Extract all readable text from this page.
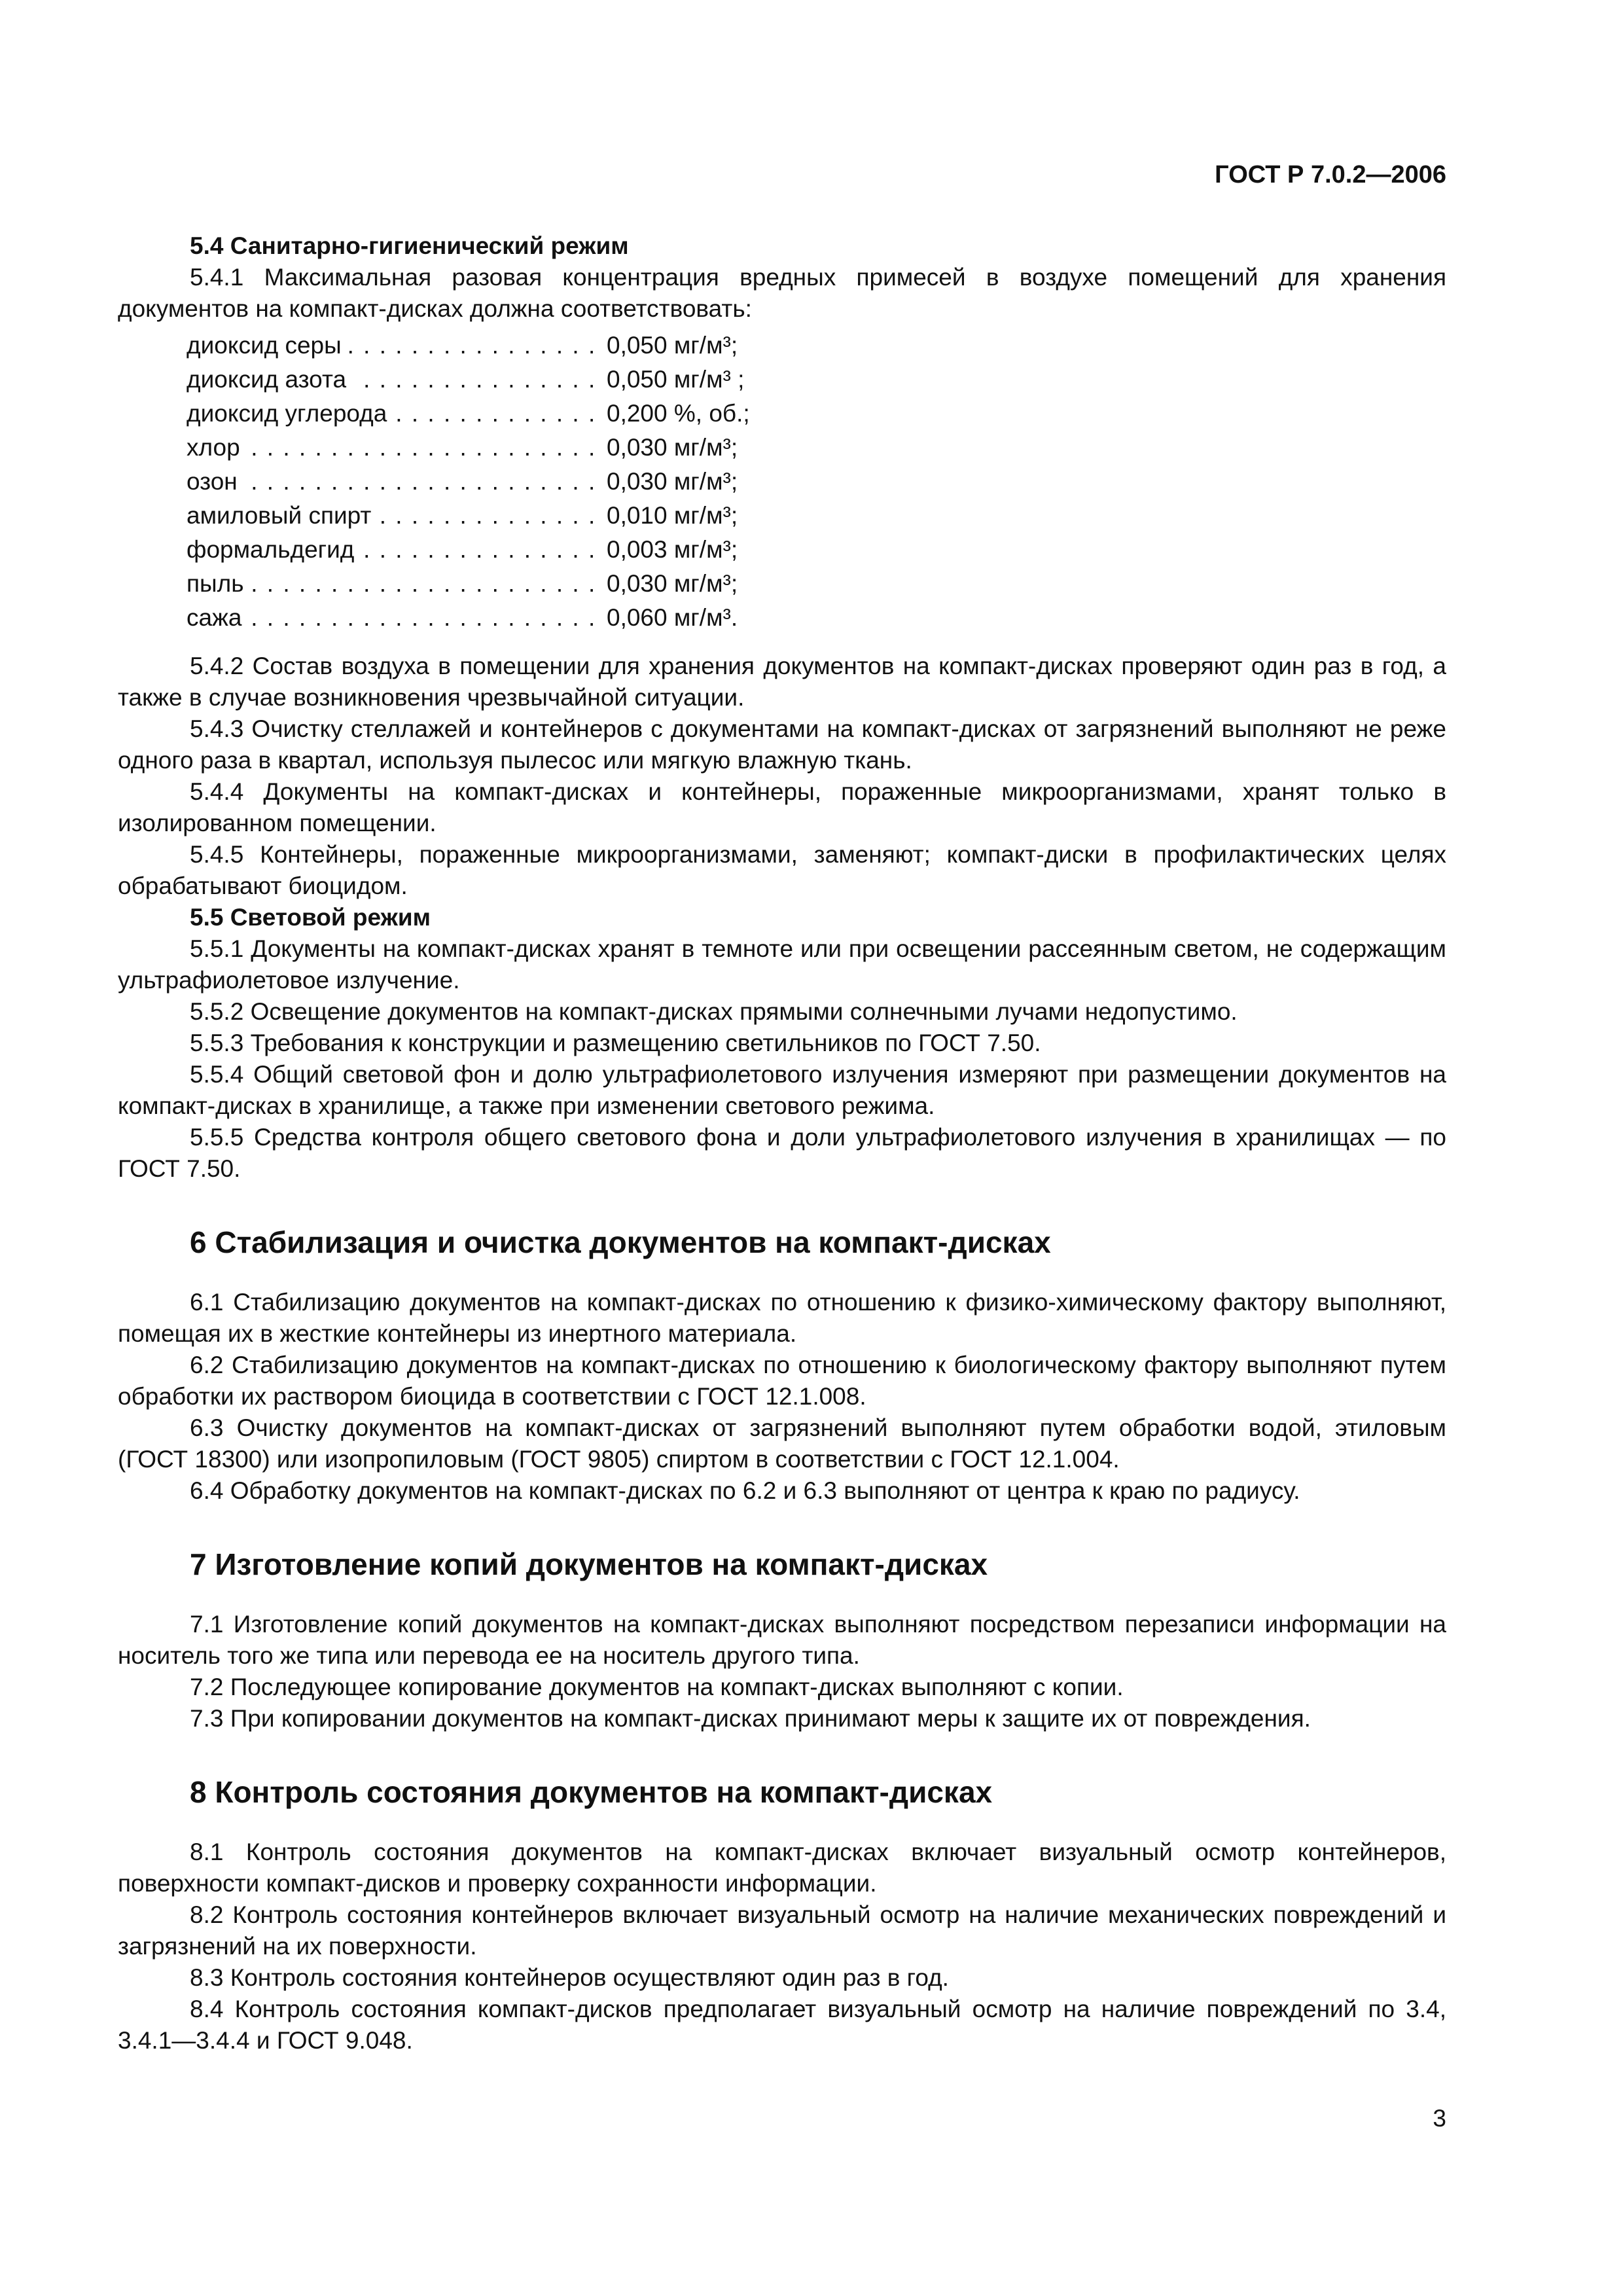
ГОСТ Р 7.0.2—2006

5.4 Санитарно-гигиенический режим

5.4.1 Максимальная разовая концентрация вредных примесей в воздухе помещений для хранения документов на компакт-дисках должна соответствовать:

диоксид серы . . .	0,050 мг/м³;
диоксид азота . . .	0,050 мг/м³ ;
диоксид углерода . . .	0,200 %, об.;
хлор . . .	0,030 мг/м³;
озон . . .	0,030 мг/м³;
амиловый спирт . . .	0,010 мг/м³;
формальдегид . . .	0,003 мг/м³;
пыль . . .	0,030 мг/м³;
сажа . . .	0,060 мг/м³.

5.4.2 Состав воздуха в помещении для хранения документов на компакт-дисках проверяют один раз в год, а также в случае возникновения чрезвычайной ситуации.

5.4.3 Очистку стеллажей и контейнеров с документами на компакт-дисках от загрязнений выполняют не реже одного раза в квартал, используя пылесос или мягкую влажную ткань.

5.4.4 Документы на компакт-дисках и контейнеры, пораженные микроорганизмами, хранят только в изолированном помещении.

5.4.5 Контейнеры, пораженные микроорганизмами, заменяют; компакт-диски в профилактических целях обрабатывают биоцидом.

5.5 Световой режим

5.5.1 Документы на компакт-дисках хранят в темноте или при освещении рассеянным светом, не содержащим ультрафиолетовое излучение.

5.5.2 Освещение документов на компакт-дисках прямыми солнечными лучами недопустимо.

5.5.3 Требования к конструкции и размещению светильников по ГОСТ 7.50.

5.5.4 Общий световой фон и долю ультрафиолетового излучения измеряют при размещении документов на компакт-дисках в хранилище, а также при изменении светового режима.

5.5.5 Средства контроля общего светового фона и доли ультрафиолетового излучения в хранилищах — по ГОСТ 7.50.

6 Стабилизация и очистка документов на компакт-дисках

6.1 Стабилизацию документов на компакт-дисках по отношению к физико-химическому фактору выполняют, помещая их в жесткие контейнеры из инертного материала.

6.2 Стабилизацию документов на компакт-дисках по отношению к биологическому фактору выполняют путем обработки их раствором биоцида в соответствии с ГОСТ 12.1.008.

6.3 Очистку документов на компакт-дисках от загрязнений выполняют путем обработки водой, этиловым (ГОСТ 18300) или изопропиловым (ГОСТ 9805) спиртом в соответствии с ГОСТ 12.1.004.

6.4 Обработку документов на компакт-дисках по 6.2 и 6.3 выполняют от центра к краю по радиусу.

7 Изготовление копий документов на компакт-дисках

7.1 Изготовление копий документов на компакт-дисках выполняют посредством перезаписи информации на носитель того же типа или перевода ее на носитель другого типа.

7.2 Последующее копирование документов на компакт-дисках выполняют с копии.

7.3 При копировании документов на компакт-дисках принимают меры к защите их от повреждения.

8 Контроль состояния документов на компакт-дисках

8.1 Контроль состояния документов на компакт-дисках включает визуальный осмотр контейнеров, поверхности компакт-дисков и проверку сохранности информации.

8.2 Контроль состояния контейнеров включает визуальный осмотр на наличие механических повреждений и загрязнений на их поверхности.

8.3 Контроль состояния контейнеров осуществляют один раз в год.

8.4 Контроль состояния компакт-дисков предполагает визуальный осмотр на наличие повреждений по 3.4, 3.4.1—3.4.4 и ГОСТ 9.048.

3
